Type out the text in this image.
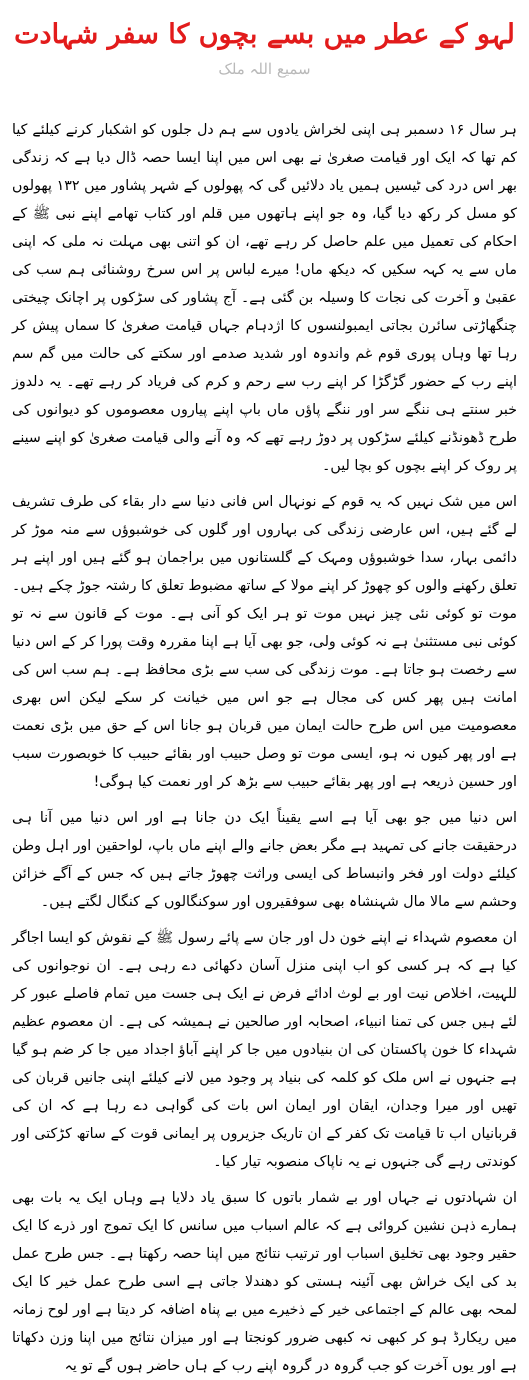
لہو کے عطر میں بسے بچوں کا سفر شہادت
سمیع اللہ ملک

ہر سال ۱۶ دسمبر ہی اپنی لخراش یادوں سے ہم دل جلوں کو اشکبار کرنے کیلئے کیا کم تھا کہ ایک اور قیامت صغریٰ نے بھی اس میں اپنا ایسا حصہ ڈال دیا ہے کہ زندگی بھر اس درد کی ٹیسیں ہمیں یاد دلائیں گی کہ پھولوں کے شہر پشاور میں ۱۳۲ پھولوں کو مسل کر رکھ دیا گیا، وہ جو اپنے ہاتھوں میں قلم اور کتاب تھامے اپنے نبی ﷺ کے احکام کی تعمیل میں علم حاصل کر رہے تھے، ان کو اتنی بھی مہلت نہ ملی کہ اپنی ماں سے یہ کہہ سکیں کہ دیکھ ماں! میرے لباس پر اس سرخ روشنائی ہم سب کی عقبیٰ و آخرت کی نجات کا وسیلہ بن گئی ہے۔ آج پشاور کی سڑکوں پر اچانک چیختی چنگھاڑتی سائرن بجاتی ایمبولنسوں کا اژدہام جہاں قیامت صغریٰ کا سماں پیش کر رہا تھا وہاں پوری قوم غم واندوہ اور شدید صدمے اور سکتے کی حالت میں گم سم اپنے رب کے حضور گڑگڑا کر اپنے رب سے رحم و کرم کی فریاد کر رہے تھے۔ یہ دلدوز خبر سنتے ہی ننگے سر اور ننگے پاؤں ماں باپ اپنے پیاروں معصوموں کو دیوانوں کی طرح ڈھونڈنے کیلئے سڑکوں پر دوڑ رہے تھے کہ وہ آنے والی قیامت صغریٰ کو اپنے سینے پر روک کر اپنے بچوں کو بچا لیں۔

اس میں شک نہیں کہ یہ قوم کے نونہال اس فانی دنیا سے دار بقاء کی طرف تشریف لے گئے ہیں، اس عارضی زندگی کی بہاروں اور گلوں کی خوشبوؤں سے منہ موڑ کر دائمی بہار، سدا خوشبوؤں ومہک کے گلستانوں میں براجمان ہو گئے ہیں اور اپنے ہر تعلق رکھنے والوں کو چھوڑ کر اپنے مولا کے ساتھ مضبوط تعلق کا رشتہ جوڑ چکے ہیں۔ موت تو کوئی نئی چیز نہیں موت تو ہر ایک کو آنی ہے۔ موت کے قانون سے نہ تو کوئی نبی مستثنیٰ ہے نہ کوئی ولی، جو بھی آیا ہے اپنا مقررہ وقت پورا کر کے اس دنیا سے رخصت ہو جاتا ہے۔ موت زندگی کی سب سے بڑی محافظ ہے۔ ہم سب اس کی امانت ہیں پھر کس کی مجال ہے جو اس میں خیانت کر سکے لیکن اس بھری معصومیت میں اس طرح حالت ایمان میں قربان ہو جانا اس کے حق میں بڑی نعمت ہے اور پھر کیوں نہ ہو، ایسی موت تو وصل حبیب اور بقائے حبیب کا خوبصورت سبب اور حسین ذریعہ ہے اور پھر بقائے حبیب سے بڑھ کر اور نعمت کیا ہوگی!

اس دنیا میں جو بھی آیا ہے اسے یقیناً ایک دن جانا ہے اور اس دنیا میں آنا ہی درحقیقت جانے کی تمہید ہے مگر بعض جانے والے اپنے ماں باپ، لواحقین اور اہل وطن کیلئے دولت اور فخر وانبساط کی ایسی وراثت چھوڑ جاتے ہیں کہ جس کے آگے خزائن وحشم سے مالا مال شہنشاہ بھی سوفقیروں اور سوکنگالوں کے کنگال لگتے ہیں۔

ان معصوم شہداء نے اپنے خون دل اور جان سے پائے رسول ﷺ کے نقوش کو ایسا اجاگر کیا ہے کہ ہر کسی کو اب اپنی منزل آسان دکھائی دے رہی ہے۔ ان نوجوانوں کی للہیت، اخلاص نیت اور بے لوث ادائے فرض نے ایک ہی جست میں تمام فاصلے عبور کر لئے ہیں جس کی تمنا انبیاء، اصحابہ اور صالحین نے ہمیشہ کی ہے۔ ان معصوم عظیم شہداء کا خون پاکستان کی ان بنیادوں میں جا کر اپنے آباؤ اجداد میں جا کر ضم ہو گیا ہے جنہوں نے اس ملک کو کلمہ کی بنیاد پر وجود میں لانے کیلئے اپنی جانیں قربان کی تھیں اور میرا وجدان، ایقان اور ایمان اس بات کی گواہی دے رہا ہے کہ ان کی قربانیاں اب تا قیامت تک کفر کے ان تاریک جزیروں پر ایمانی قوت کے ساتھ کڑکتی اور کوندتی رہے گی جنہوں نے یہ ناپاک منصوبہ تیار کیا۔

ان شہادتوں نے جہاں اور بے شمار باتوں کا سبق یاد دلایا ہے وہاں ایک یہ بات بھی ہمارے ذہن نشین کروائی ہے کہ عالم اسباب میں سانس کا ایک تموج اور ذرے کا ایک حقیر وجود بھی تخلیق اسباب اور ترتیب نتائج میں اپنا حصہ رکھتا ہے۔ جس طرح عمل بد کی ایک خراش بھی آئینہ ہستی کو دھندلا جاتی ہے اسی طرح عمل خیر کا ایک لمحہ بھی عالم کے اجتماعی خیر کے ذخیرے میں بے پناہ اضافہ کر دیتا ہے اور لوح زمانہ میں ریکارڈ ہو کر کبھی نہ کبھی ضرور کونجتا ہے اور میزان نتائج میں اپنا وزن دکھاتا ہے اور یوں آخرت کو جب گروہ در گروہ اپنے رب کے ہاں حاضر ہوں گے تو یہ
